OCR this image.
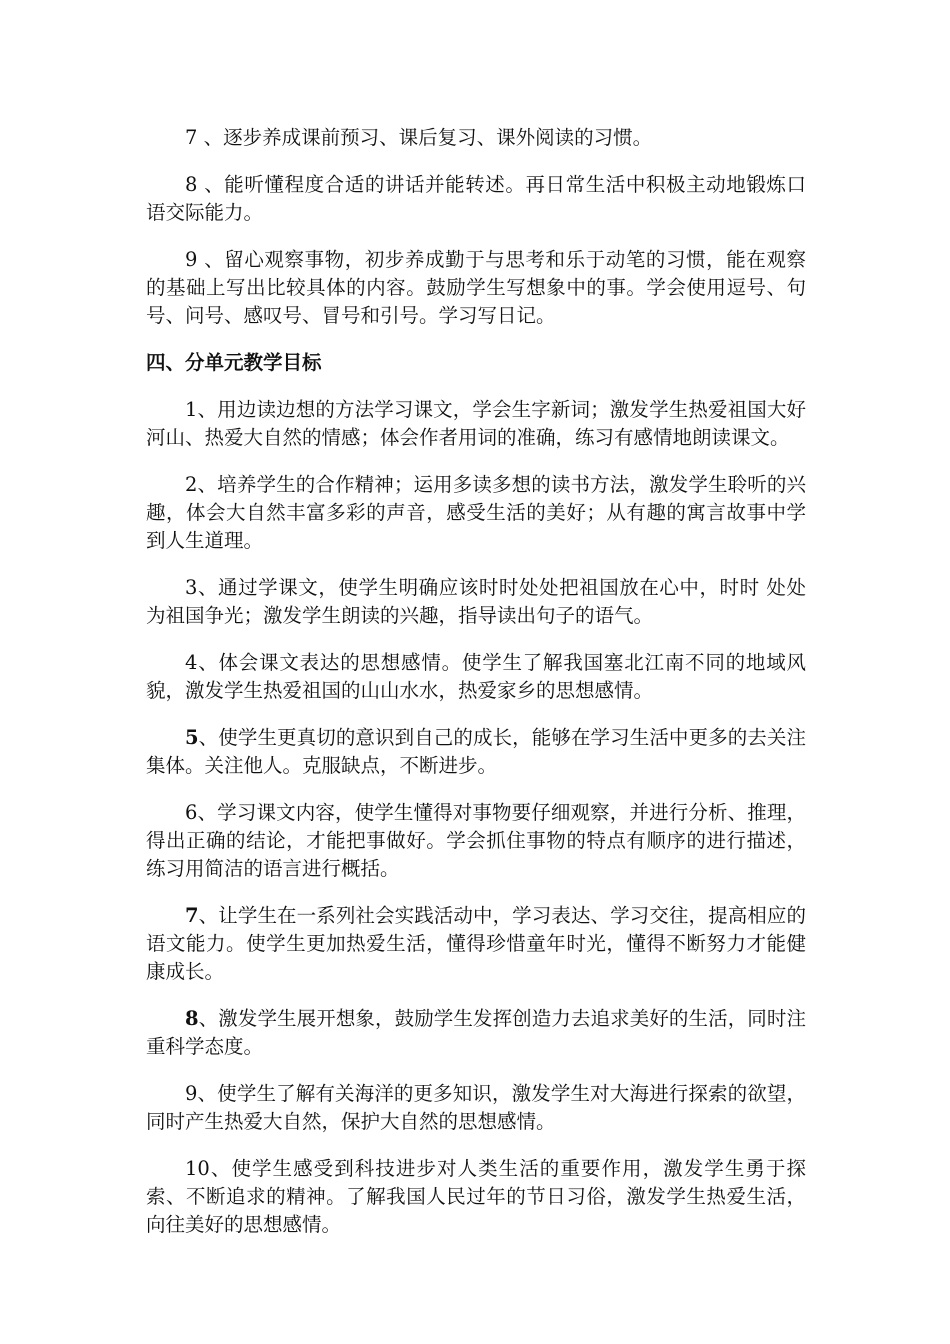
7 、逐步养成课前预习、课后复习、课外阅读的习惯。

8 、能听懂程度合适的讲话并能转述。再日常生活中积极主动地锻炼口语交际能力。

9 、留心观察事物，初步养成勤于与思考和乐于动笔的习惯，能在观察的基础上写出比较具体的内容。鼓励学生写想象中的事。学会使用逗号、句号、问号、感叹号、冒号和引号。学习写日记。

四、分单元教学目标

1、用边读边想的方法学习课文，学会生字新词；激发学生热爱祖国大好河山、热爱大自然的情感；体会作者用词的准确，练习有感情地朗读课文。

2、培养学生的合作精神；运用多读多想的读书方法，激发学生聆听的兴趣，体会大自然丰富多彩的声音，感受生活的美好；从有趣的寓言故事中学到人生道理。

3、通过学课文，使学生明确应该时时处处把祖国放在心中，时时 处处为祖国争光；激发学生朗读的兴趣，指导读出句子的语气。

4、体会课文表达的思想感情。使学生了解我国塞北江南不同的地域风貌，激发学生热爱祖国的山山水水，热爱家乡的思想感情。

5、使学生更真切的意识到自己的成长，能够在学习生活中更多的去关注集体。关注他人。克服缺点，不断进步。

6、学习课文内容，使学生懂得对事物要仔细观察，并进行分析、推理，得出正确的结论，才能把事做好。学会抓住事物的特点有顺序的进行描述，练习用简洁的语言进行概括。

7、让学生在一系列社会实践活动中，学习表达、学习交往，提高相应的语文能力。使学生更加热爱生活，懂得珍惜童年时光，懂得不断努力才能健康成长。

8、激发学生展开想象，鼓励学生发挥创造力去追求美好的生活，同时注重科学态度。

9、使学生了解有关海洋的更多知识，激发学生对大海进行探索的欲望，同时产生热爱大自然，保护大自然的思想感情。

10、使学生感受到科技进步对人类生活的重要作用，激发学生勇于探索、不断追求的精神。了解我国人民过年的节日习俗，激发学生热爱生活，向往美好的思想感情。
